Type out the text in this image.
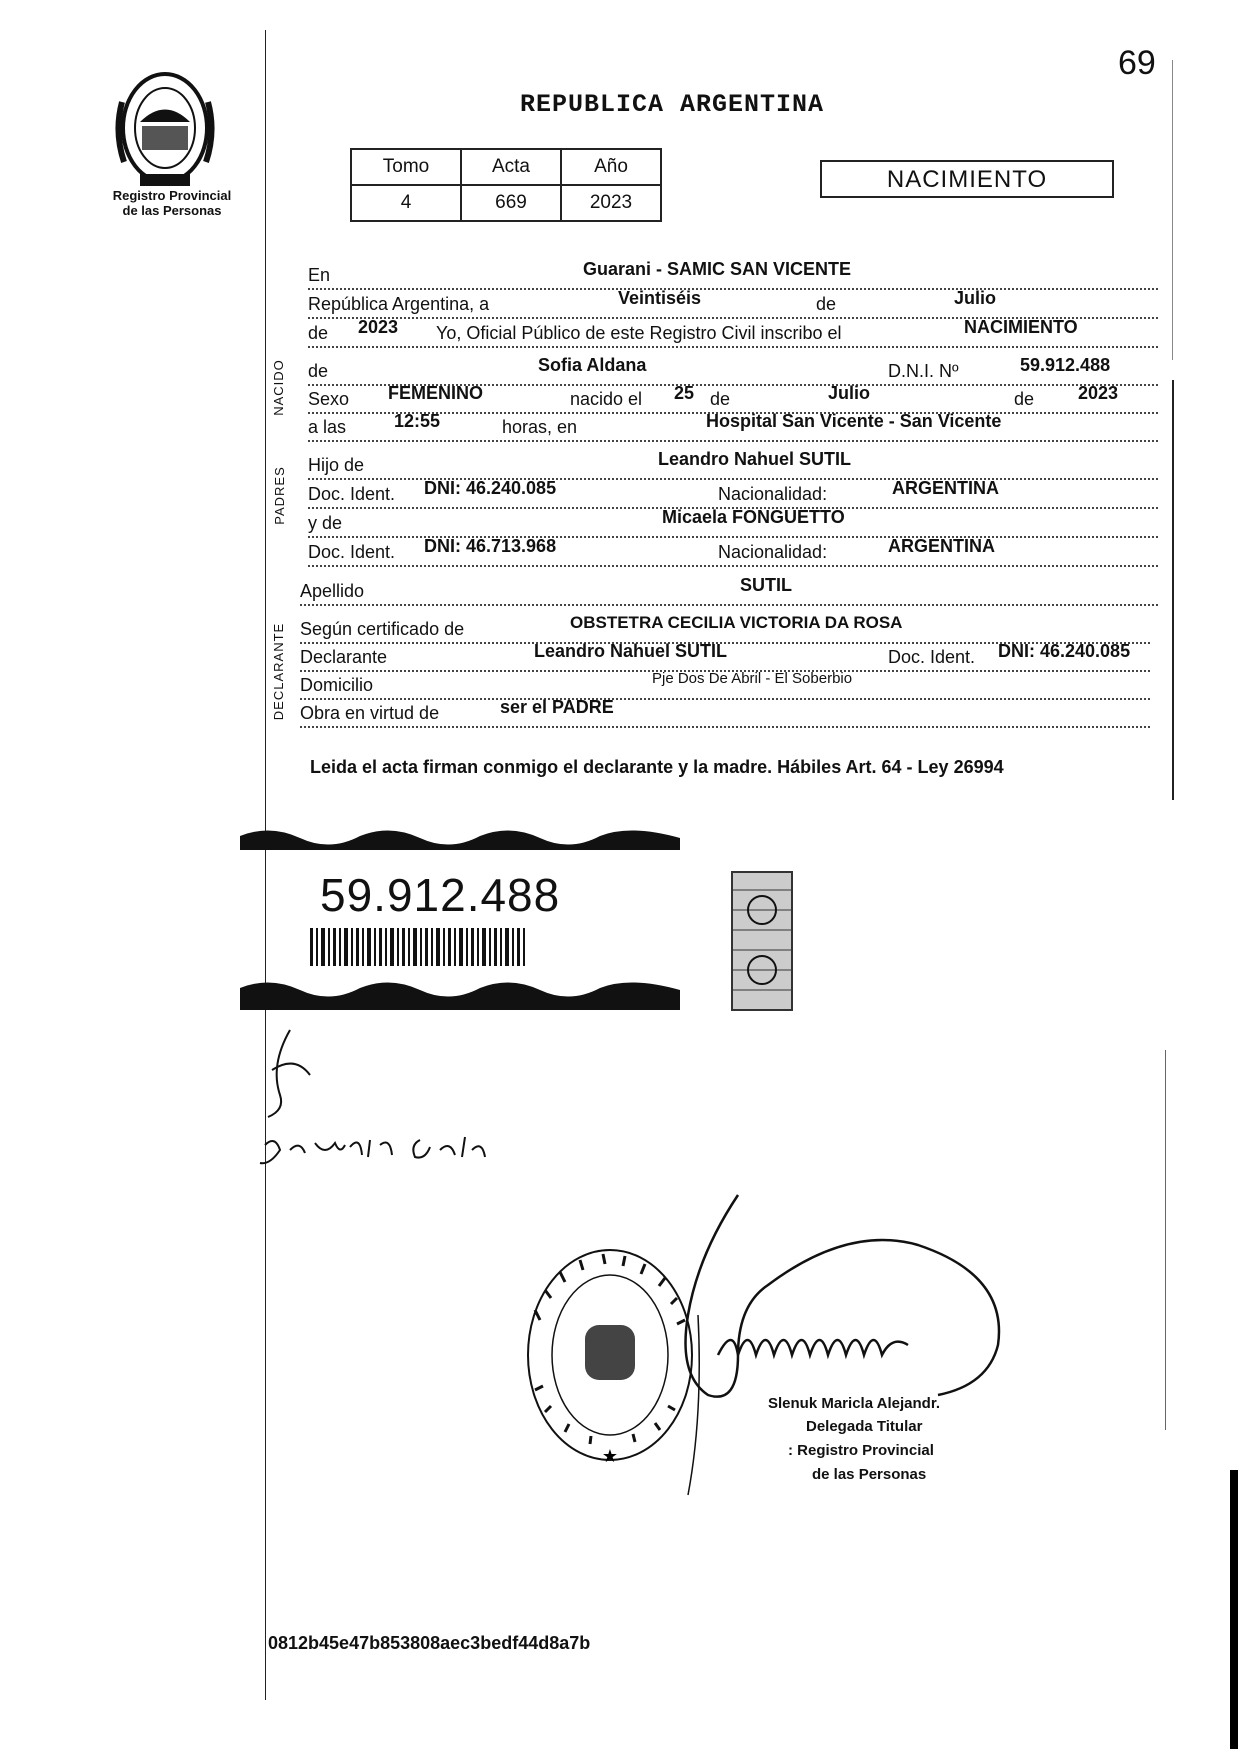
69
Registro Provincial
de las Personas
REPUBLICA ARGENTINA
Tomo	Acta	Año
4	669	2023
NACIMIENTO
NACIDO
PADRES
DECLARANTE
En	Guarani - SAMIC SAN VICENTE
República Argentina, a	Veintiséis	de	Julio
de 2023 Yo, Oficial Público de este Registro Civil inscribo el	NACIMIENTO
de	Sofia Aldana	D.N.I. Nº	59.912.488
Sexo FEMENINO	nacido el 25 de	Julio	de 2023
a las	12:55	horas, en	Hospital San Vicente - San Vicente
Hijo de	Leandro Nahuel SUTIL
Doc. Ident. DNI: 46.240.085	Nacionalidad:	ARGENTINA
y de	Micaela FONGUETTO
Doc. Ident. DNI: 46.713.968	Nacionalidad:	ARGENTINA
Apellido	SUTIL
Según certificado de	OBSTETRA CECILIA VICTORIA DA ROSA
Declarante	Leandro Nahuel SUTIL	Doc. Ident. DNI: 46.240.085
Domicilio	Pje Dos De Abril - El Soberbio
Obra en virtud de	ser el PADRE
Leida el acta firman conmigo el declarante y la madre. Hábiles Art. 64 - Ley 26994
59.912.488
★
Slenuk Maricla Alejandr.
Delegada Titular
: Registro Provincial
de las Personas
0812b45e47b853808aec3bedf44d8a7b
